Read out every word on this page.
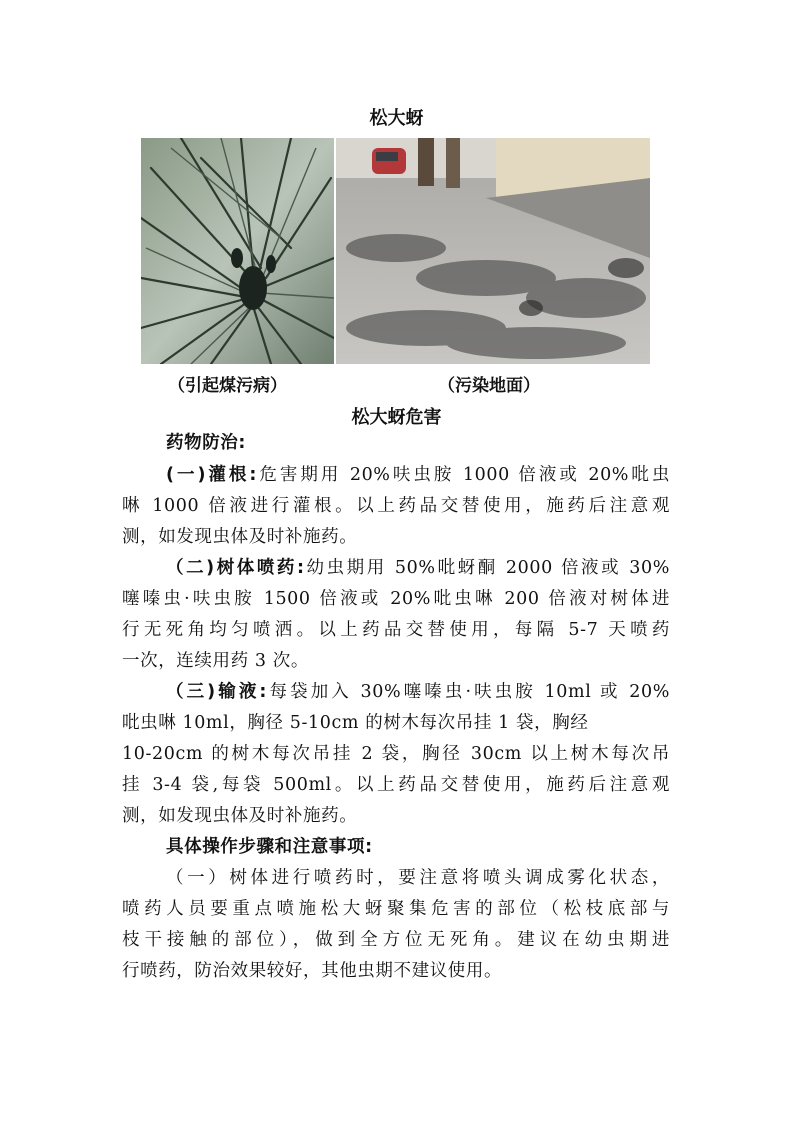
松大蚜
（引起煤污病）	（污染地面）
松大蚜危害
药物防治:
(一)灌根:危害期用 20%呋虫胺 1000 倍液或 20%吡虫
啉 1000 倍液进行灌根。以上药品交替使用，施药后注意观
测，如发现虫体及时补施药。
（二)树体喷药:幼虫期用 50%吡蚜酮 2000 倍液或 30%
噻嗪虫·呋虫胺 1500 倍液或 20%吡虫啉 200 倍液对树体进
行无死角均匀喷洒。以上药品交替使用，每隔 5-7 天喷药
一次，连续用药 3 次。
（三)输液:每袋加入 30%噻嗪虫·呋虫胺 10ml 或 20%
吡虫啉 10ml，胸径 5-10cm 的树木每次吊挂 1 袋，胸经
10-20cm 的树木每次吊挂 2 袋，胸径 30cm 以上树木每次吊
挂 3-4 袋,每袋 500ml。以上药品交替使用，施药后注意观
测，如发现虫体及时补施药。
具体操作步骤和注意事项:
（一）树体进行喷药时，要注意将喷头调成雾化状态，
喷药人员要重点喷施松大蚜聚集危害的部位（松枝底部与
枝干接触的部位），做到全方位无死角。建议在幼虫期进
行喷药，防治效果较好，其他虫期不建议使用。
